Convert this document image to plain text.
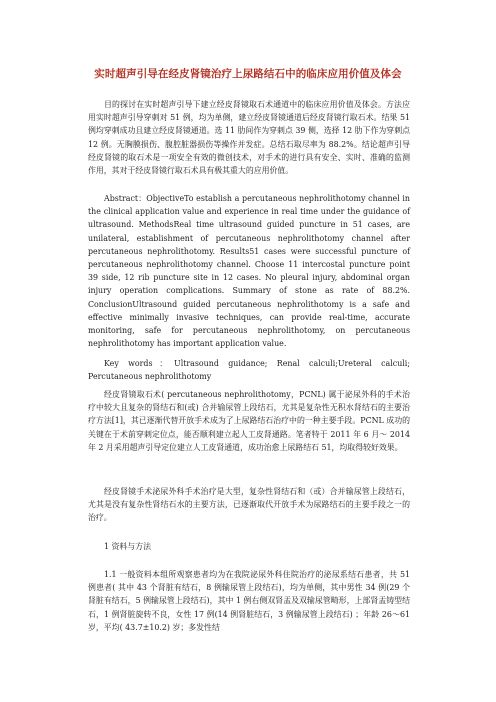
实时超声引导在经皮肾镜治疗上尿路结石中的临床应用价值及体会

目的探讨在实时超声引导下建立经皮肾镜取石术通道中的临床应用价值及体会。方法应用实时超声引导穿刺对 51 例，均为单侧，建立经皮肾镜通道后经皮肾镜行取石术。结果 51 例均穿刺成功且建立经皮肾镜通道。选 11 肋间作为穿刺点 39 侧，选择 12 肋下作为穿刺点 12 例。无胸膜损伤、腹腔脏器损伤等操作并发症。总结石取尽率为 88.2%。结论超声引导经皮肾镜的取石术是一项安全有效的微创技术，对手术的进行具有安全、实时、准确的监测作用，其对于经皮肾镜行取石术具有极其重大的应用价值。

Abstract：ObjectiveTo establish a percutaneous nephrolithotomy channel in the clinical application value and experience in real time under the guidance of ultrasound. MethodsReal time ultrasound guided puncture in 51 cases, are unilateral, establishment of percutaneous nephrolithotomy channel after percutaneous nephrolithotomy. Results51 cases were successful puncture of percutaneous nephrolithotomy channel. Choose 11 intercostal puncture point 39 side, 12 rib puncture site in 12 cases. No pleural injury, abdominal organ injury operation complications. Summary of stone as rate of 88.2%. ConclusionUltrasound guided percutaneous nephrolithotomy is a safe and effective minimally invasive techniques, can provide real-time, accurate monitoring, safe for percutaneous nephrolithotomy, on percutaneous nephrolithotomy has important application value.

Key words：Ultrasound guidance; Renal calculi;Ureteral calculi; Percutaneous nephrolithotomy

经皮肾镜取石术( percutaneous nephrolithotomy，PCNL) 属于泌尿外科的手术治疗中较大且复杂的肾结石和(或) 合并输尿管上段结石，尤其是复杂性无积水肾结石的主要治疗方法[1]，其已逐渐代替开放手术成为了上尿路结石治疗中的一种主要手段。PCNL 成功的关键在于术前穿刺定位点，能否顺利建立起人工皮肾通路。笔者特于 2011 年 6 月～ 2014 年 2 月采用超声引导定位建立人工皮肾通道，成功治愈上尿路结石 51，均取得较好效果。

经皮肾镜手术泌尿外科手术治疗是大型，复杂性肾结石和（或）合并输尿管上段结石，尤其是没有复杂性肾结石水的主要方法，已逐渐取代开放手术为尿路结石的主要手段之一的治疗。

1 资料与方法

1.1 一般资料本组所观察患者均为在我院泌尿外科住院治疗的泌尿系结石患者，共 51 例患者( 其中 43 个肾脏有结石，8 例输尿管上段结石)，均为单侧，其中男性 34 例(29 个肾脏有结石，5 例输尿管上段结石)，其中 1 例右侧双肾盂及双输尿管畸形，上部肾盂铸型结石，1 例肾脏旋转不良，女性 17 例(14 例肾脏结石，3 例输尿管上段结石) ；年龄 26～61 岁，平均( 43.7±10.2) 岁；多发性结
